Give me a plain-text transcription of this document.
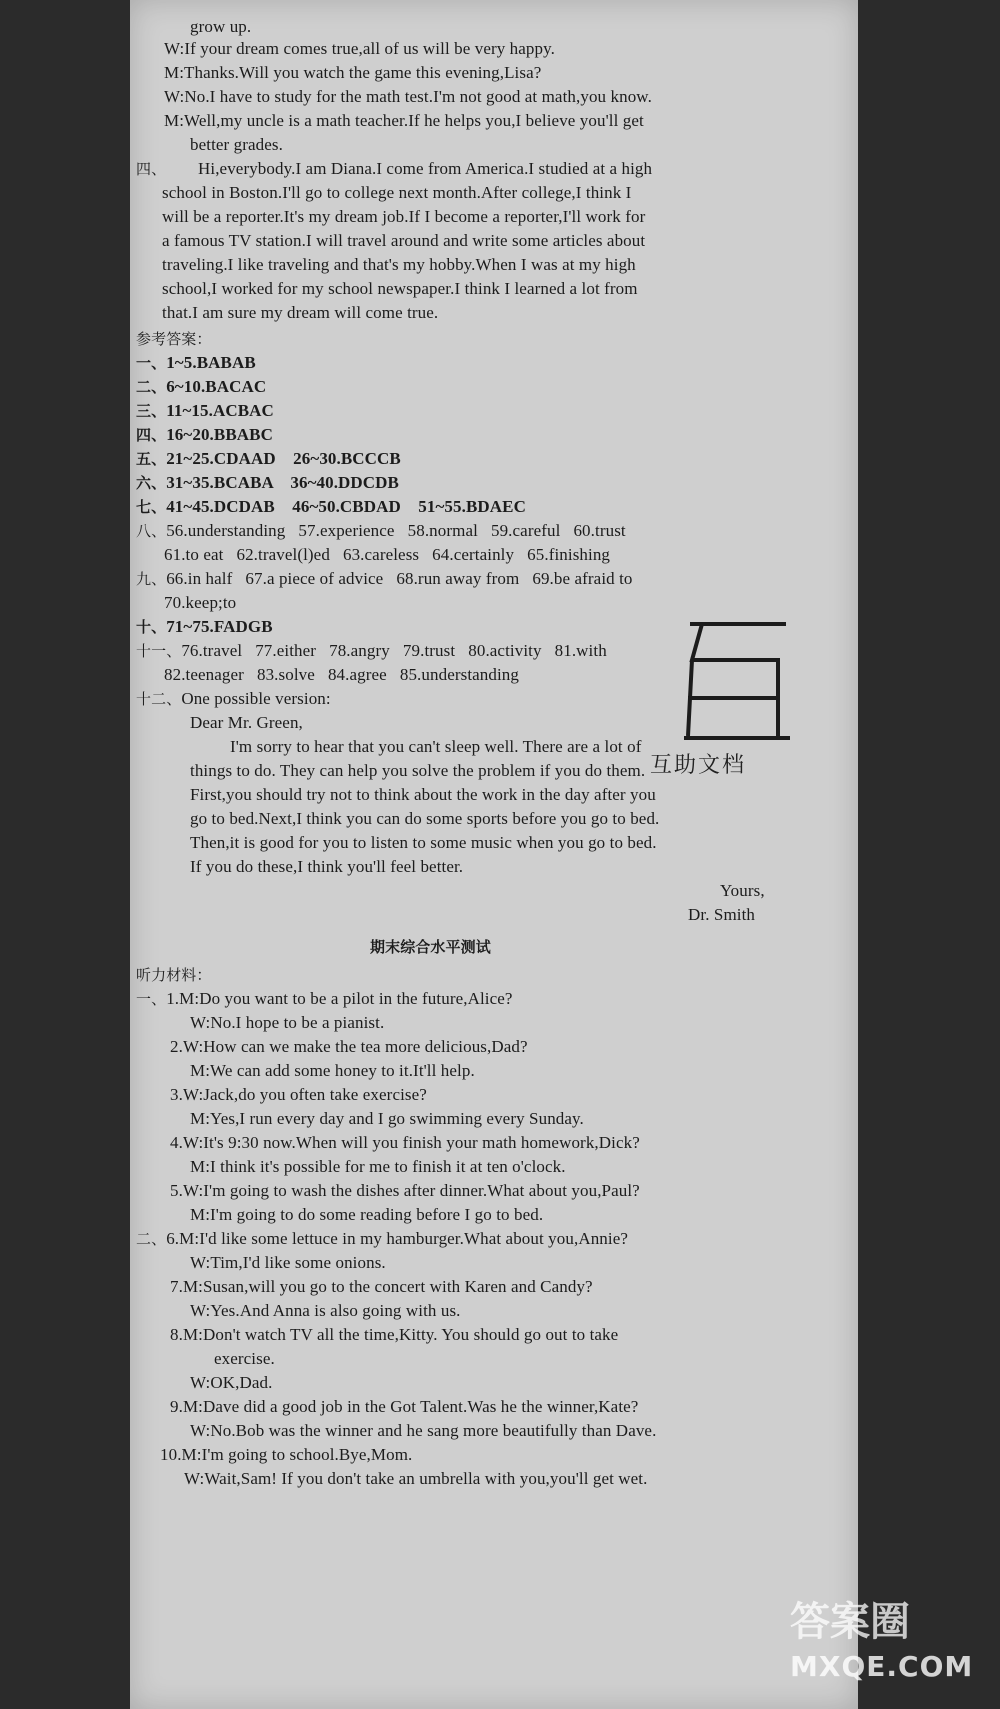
grow up.
W:If your dream comes true,all of us will be very happy.
M:Thanks.Will you watch the game this evening,Lisa?
W:No.I have to study for the math test.I'm not good at math,you know.
M:Well,my uncle is a math teacher.If he helps you,I believe you'll get
better grades.
四、 Hi,everybody.I am Diana.I come from America.I studied at a high
school in Boston.I'll go to college next month.After college,I think I
will be a reporter.It's my dream job.If I become a reporter,I'll work for
a famous TV station.I will travel around and write some articles about
traveling.I like traveling and that's my hobby.When I was at my high
school,I worked for my school newspaper.I think I learned a lot from
that.I am sure my dream will come true.
参考答案：
一、1~5.BABAB
二、6~10.BACAC
三、11~15.ACBAC
四、16~20.BBABC
五、21~25.CDAAD    26~30.BCCCB
六、31~35.BCABA    36~40.DDCDB
七、41~45.DCDAB    46~50.CBDAD    51~55.BDAEC
八、56.understanding   57.experience   58.normal   59.careful   60.trust
61.to eat   62.travel(l)ed   63.careless   64.certainly   65.finishing
九、66.in half   67.a piece of advice   68.run away from   69.be afraid to
70.keep;to
十、71~75.FADGB
十一、76.travel   77.either   78.angry   79.trust   80.activity   81.with
82.teenager   83.solve   84.agree   85.understanding
十二、One possible version:
Dear Mr. Green,
I'm sorry to hear that you can't sleep well. There are a lot of
things to do. They can help you solve the problem if you do them.
First,you should try not to think about the work in the day after you
go to bed.Next,I think you can do some sports before you go to bed.
Then,it is good for you to listen to some music when you go to bed.
If you do these,I think you'll feel better.
Yours,
Dr. Smith
期末综合水平测试
听力材料：
一、1.M:Do you want to be a pilot in the future,Alice?
W:No.I hope to be a pianist.
2.W:How can we make the tea more delicious,Dad?
M:We can add some honey to it.It'll help.
3.W:Jack,do you often take exercise?
M:Yes,I run every day and I go swimming every Sunday.
4.W:It's 9:30 now.When will you finish your math homework,Dick?
M:I think it's possible for me to finish it at ten o'clock.
5.W:I'm going to wash the dishes after dinner.What about you,Paul?
M:I'm going to do some reading before I go to bed.
二、6.M:I'd like some lettuce in my hamburger.What about you,Annie?
W:Tim,I'd like some onions.
7.M:Susan,will you go to the concert with Karen and Candy?
W:Yes.And Anna is also going with us.
8.M:Don't watch TV all the time,Kitty. You should go out to take
exercise.
W:OK,Dad.
9.M:Dave did a good job in the Got Talent.Was he the winner,Kate?
W:No.Bob was the winner and he sang more beautifully than Dave.
10.M:I'm going to school.Bye,Mom.
W:Wait,Sam! If you don't take an umbrella with you,you'll get wet.
互助文档
答案圈
MXQE.COM
